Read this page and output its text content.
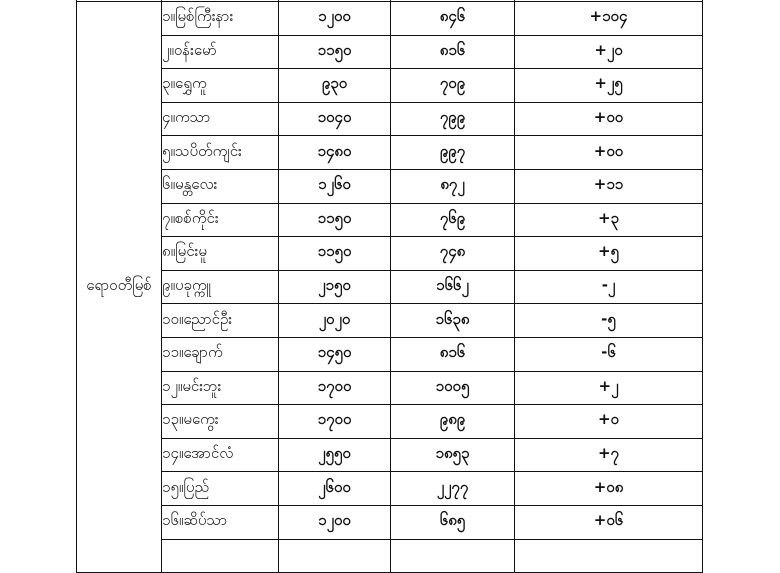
ရောဝတီမြစ်	၁။မြစ်ကြီးနား	၁၂၀၀	၈၄၆	+၁၀၄
	၂။ဝန်းမော်	၁၁၅၀	၈၁၆	+၂၀
	၃။ရွှေကူ	၉၃၀	၇၀၉	+၂၅
	၄။ကသာ	၁၀၄၀	၇၉၉	+၀၀
	၅။သပိတ်ကျင်း	၁၄၈၀	၉၉၇	+၀၀
	၆။မန္တလေး	၁၂၆၀	၈၇၂	+၁၁
	၇။စစ်ကိုင်း	၁၁၅၀	၇၆၉	+၃
	၈။မြင်းမူ	၁၁၅၀	၇၄၈	+၅
	၉။ပခုက္ကူ	၂၁၅၀	၁၆၆၂	-၂
	၁၀။ညောင်ဦး	၂၀၂၀	၁၆၃၈	-၅
	၁၁။ချောက်	၁၄၅၀	၈၁၆	-၆
	၁၂။မင်းဘူး	၁၇၀၀	၁၀၀၅	+၂
	၁၃။မကွေး	၁၇၀၀	၉၈၉	+၀
	၁၄။အောင်လံ	၂၅၅၀	၁၈၅၃	+၇
	၁၅။ပြည်	၂၆၀၀	၂၂၇၇	+၀၈
	၁၆။ဆိပ်သာ	၁၂၀၀	၆၈၅	+၀၆
